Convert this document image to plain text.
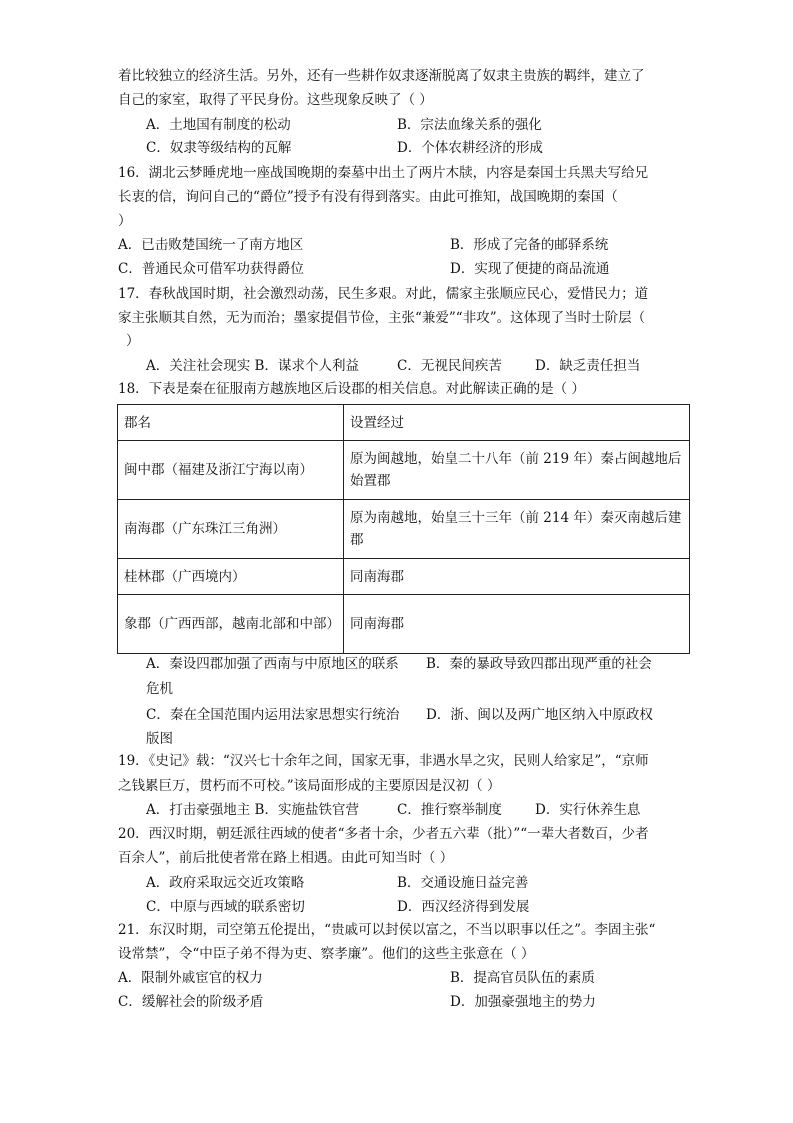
着比较独立的经济生活。另外，还有一些耕作奴隶逐渐脱离了奴隶主贵族的羁绊，建立了
自己的家室，取得了平民身份。这些现象反映了（ ）
A．土地国有制度的松动	B．宗法血缘关系的强化
C．奴隶等级结构的瓦解	D．个体农耕经济的形成
16．湖北云梦睡虎地一座战国晚期的秦墓中出土了两片木牍，内容是秦国士兵黑夫写给兄
长衷的信，询问自己的“爵位”授予有没有得到落实。由此可推知，战国晚期的秦国（
）
A．已击败楚国统一了南方地区	B．形成了完备的邮驿系统
C．普通民众可借军功获得爵位	D．实现了便捷的商品流通
17．春秋战国时期，社会激烈动荡，民生多艰。对此，儒家主张顺应民心，爱惜民力；道
家主张顺其自然，无为而治；墨家提倡节俭，主张“兼爱”“非攻”。这体现了当时士阶层（
）
A．关注社会现实 B．谋求个人利益	C．无视民间疾苦 D．缺乏责任担当
18．下表是秦在征服南方越族地区后设郡的相关信息。对此解读正确的是（ ）
郡名	设置经过
闽中郡（福建及浙江宁海以南）	原为闽越地，始皇二十八年（前 219 年）秦占闽越地后始置郡
南海郡（广东珠江三角洲）	原为南越地，始皇三十三年（前 214 年）秦灭南越后建郡
桂林郡（广西境内）	同南海郡
象郡（广西西部，越南北部和中部）	同南海郡
A．秦设四郡加强了西南与中原地区的联系 B．秦的暴政导致四郡出现严重的社会
危机
C．秦在全国范围内运用法家思想实行统治 D．浙、闽以及两广地区纳入中原政权
版图
19．《史记》载：“汉兴七十余年之间，国家无事，非遇水旱之灾，民则人给家足”，“京师
之钱累巨万，贯朽而不可校。”该局面形成的主要原因是汉初（ ）
A．打击豪强地主 B．实施盐铁官营	C．推行察举制度 D．实行休养生息
20．西汉时期，朝廷派往西域的使者“多者十余，少者五六辈（批）”“一辈大者数百，少者
百余人”，前后批使者常在路上相遇。由此可知当时（ ）
A．政府采取远交近攻策略	B．交通设施日益完善
C．中原与西域的联系密切	D．西汉经济得到发展
21．东汉时期，司空第五伦提出，“贵戚可以封侯以富之，不当以职事以任之”。李固主张“
设常禁”，令“中臣子弟不得为吏、察孝廉”。他们的这些主张意在（ ）
A．限制外戚宦官的权力	B．提高官员队伍的素质
C．缓解社会的阶级矛盾	D．加强豪强地主的势力
